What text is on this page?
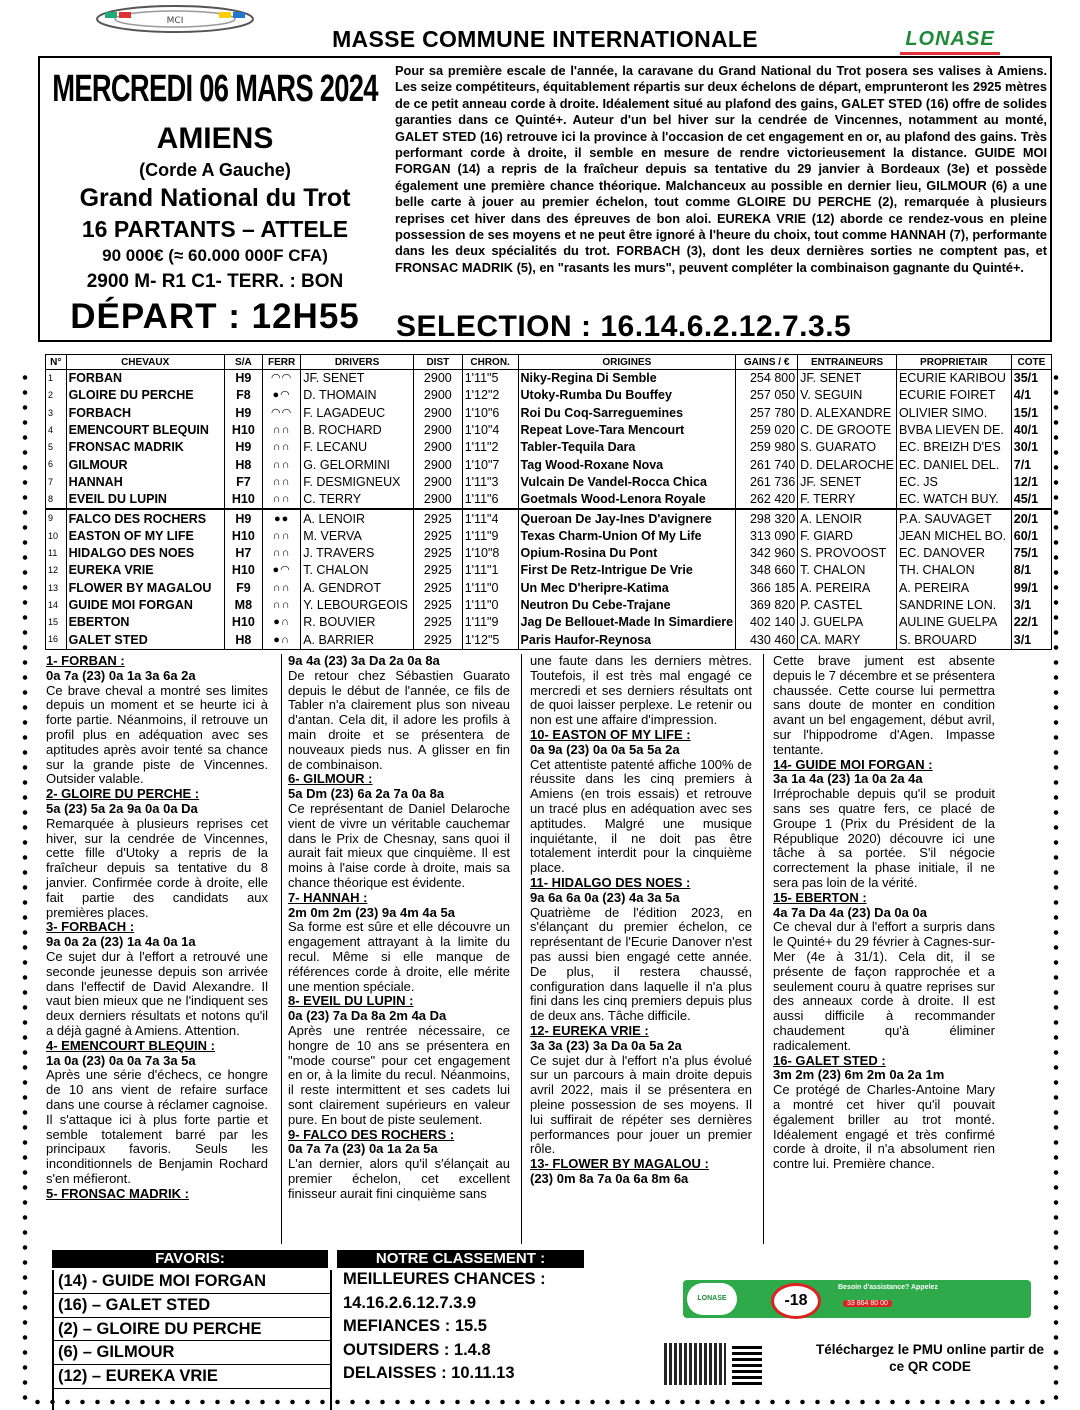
MCI
MASSE COMMUNE INTERNATIONALE	LONASE
MERCREDI 06 MARS 2024
AMIENS
(Corde A Gauche)
Grand National du Trot
16 PARTANTS – ATTELE
90 000€ (≈ 60.000 000F CFA)
2900 M- R1 C1- TERR. : BON
DÉPART : 12H55
Pour sa première escale de l'année, la caravane du Grand National du Trot posera ses valises à Amiens. Les seize compétiteurs, équitablement répartis sur deux échelons de départ, emprunteront les 2925 mètres de ce petit anneau corde à droite. Idéalement situé au plafond des gains, GALET STED (16) offre de solides garanties dans ce Quinté+. Auteur d'un bel hiver sur la cendrée de Vincennes, notamment au monté, GALET STED (16) retrouve ici la province à l'occasion de cet engagement en or, au plafond des gains. Très performant corde à droite, il semble en mesure de rendre victorieusement la distance. GUIDE MOI FORGAN (14) a repris de la fraîcheur depuis sa tentative du 29 janvier à Bordeaux (3e) et possède également une première chance théorique. Malchanceux au possible en dernier lieu, GILMOUR (6) a une belle carte à jouer au premier échelon, tout comme GLOIRE DU PERCHE (2), remarquée à plusieurs reprises cet hiver dans des épreuves de bon aloi. EUREKA VRIE (12) aborde ce rendez-vous en pleine possession de ses moyens et ne peut être ignoré à l'heure du choix, tout comme HANNAH (7), performante dans les deux spécialités du trot. FORBACH (3), dont les deux dernières sorties ne comptent pas, et FRONSAC MADRIK (5), en "rasants les murs", peuvent compléter la combinaison gagnante du Quinté+.
SELECTION : 16.14.6.2.12.7.3.5
N°	CHEVAUX	S/A	FERR	DRIVERS	DIST	CHRON.	ORIGINES	GAINS / €	ENTRAINEURS	PROPRIETAIR	COTE
1	FORBAN	H9	◠◠	JF. SENET	2900	1'11"5	Niky-Regina Di Semble	254 800	JF. SENET	ECURIE KARIBOU	35/1
2	GLOIRE DU PERCHE	F8	●◠	D. THOMAIN	2900	1'12"2	Utoky-Rumba Du Bouffey	257 050	V. SEGUIN	ECURIE FOIRET	4/1
3	FORBACH	H9	◠◠	F. LAGADEUC	2900	1'10"6	Roi Du Coq-Sarreguemines	257 780	D. ALEXANDRE	OLIVIER SIMO.	15/1
4	EMENCOURT BLEQUIN	H10	∩∩	B. ROCHARD	2900	1'10"4	Repeat Love-Tara Mencourt	259 020	C. DE GROOTE	BVBA LIEVEN DE.	40/1
5	FRONSAC MADRIK	H9	∩∩	F. LECANU	2900	1'11"2	Tabler-Tequila Dara	259 980	S. GUARATO	EC. BREIZH D'ES	30/1
6	GILMOUR	H8	∩∩	G. GELORMINI	2900	1'10"7	Tag Wood-Roxane Nova	261 740	D. DELAROCHE	EC. DANIEL DEL.	7/1
7	HANNAH	F7	∩∩	F. DESMIGNEUX	2900	1'11"3	Vulcain De Vandel-Rocca Chica	261 736	JF. SENET	EC. JS	12/1
8	EVEIL DU LUPIN	H10	∩∩	C. TERRY	2900	1'11"6	Goetmals Wood-Lenora Royale	262 420	F. TERRY	EC. WATCH BUY.	45/1
9	FALCO DES ROCHERS	H9	●●	A. LENOIR	2925	1'11"4	Queroan De Jay-Ines D'avignere	298 320	A. LENOIR	P.A. SAUVAGET	20/1
10	EASTON OF MY LIFE	H10	∩∩	M. VERVA	2925	1'11"9	Texas Charm-Union Of My Life	313 090	F. GIARD	JEAN MICHEL BO.	60/1
11	HIDALGO DES NOES	H7	∩∩	J. TRAVERS	2925	1'10"8	Opium-Rosina Du Pont	342 960	S. PROVOOST	EC. DANOVER	75/1
12	EUREKA VRIE	H10	●◠	T. CHALON	2925	1'11"1	First De Retz-Intrigue De Vrie	348 660	T. CHALON	TH. CHALON	8/1
13	FLOWER BY MAGALOU	F9	∩∩	A. GENDROT	2925	1'11"0	Un Mec D'heripre-Katima	366 185	A. PEREIRA	A. PEREIRA	99/1
14	GUIDE MOI FORGAN	M8	∩∩	Y. LEBOURGEOIS	2925	1'11"0	Neutron Du Cebe-Trajane	369 820	P. CASTEL	SANDRINE LON.	3/1
15	EBERTON	H10	●∩	R. BOUVIER	2925	1'11"9	Jag De Bellouet-Made In Simardiere	402 140	J. GUELPA	AULINE GUELPA	22/1
16	GALET STED	H8	●∩	A. BARRIER	2925	1'12"5	Paris Haufor-Reynosa	430 460	CA. MARY	S. BROUARD	3/1

1- FORBAN :

0a 7a (23) 0a 1a 3a 6a 2a

Ce brave cheval a montré ses limites depuis un moment et se heurte ici à forte partie. Néanmoins, il retrouve un profil plus en adéquation avec ses aptitudes après avoir tenté sa chance sur la grande piste de Vincennes. Outsider valable.

2- GLOIRE DU PERCHE :

5a (23) 5a 2a 9a 0a 0a Da

Remarquée à plusieurs reprises cet hiver, sur la cendrée de Vincennes, cette fille d'Utoky a repris de la fraîcheur depuis sa tentative du 8 janvier. Confirmée corde à droite, elle fait partie des candidats aux premières places.

3- FORBACH :

9a 0a 2a (23) 1a 4a 0a 1a

Ce sujet dur à l'effort a retrouvé une seconde jeunesse depuis son arrivée dans l'effectif de David Alexandre. Il vaut bien mieux que ne l'indiquent ses deux derniers résultats et notons qu'il a déjà gagné à Amiens. Attention.

4- EMENCOURT BLEQUIN :

1a 0a (23) 0a 0a 7a 3a 5a

Après une série d'échecs, ce hongre de 10 ans vient de refaire surface dans une course à réclamer cagnoise. Il s'attaque ici à plus forte partie et semble totalement barré par les principaux favoris. Seuls les inconditionnels de Benjamin Rochard s'en méfieront.

5- FRONSAC MADRIK :

9a 4a (23) 3a Da 2a 0a 8a

De retour chez Sébastien Guarato depuis le début de l'année, ce fils de Tabler n'a clairement plus son niveau d'antan. Cela dit, il adore les profils à main droite et se présentera de nouveaux pieds nus. A glisser en fin de combinaison.

6- GILMOUR :

5a Dm (23) 6a 2a 7a 0a 8a

Ce représentant de Daniel Delaroche vient de vivre un véritable cauchemar dans le Prix de Chesnay, sans quoi il aurait fait mieux que cinquième. Il est moins à l'aise corde à droite, mais sa chance théorique est évidente.

7- HANNAH :

2m 0m 2m (23) 9a 4m 4a 5a

Sa forme est sûre et elle découvre un engagement attrayant à la limite du recul. Même si elle manque de références corde à droite, elle mérite une mention spéciale.

8- EVEIL DU LUPIN :

0a (23) 7a Da 8a 2m 4a Da

Après une rentrée nécessaire, ce hongre de 10 ans se présentera en "mode course" pour cet engagement en or, à la limite du recul. Néanmoins, il reste intermittent et ses cadets lui sont clairement supérieurs en valeur pure. En bout de piste seulement.

9- FALCO DES ROCHERS :

0a 7a 7a (23) 0a 1a 2a 5a

L'an dernier, alors qu'il s'élançait au premier échelon, cet excellent finisseur aurait fini cinquième sans

une faute dans les derniers mètres. Toutefois, il est très mal engagé ce mercredi et ses derniers résultats ont de quoi laisser perplexe. Le retenir ou non est une affaire d'impression.

10- EASTON OF MY LIFE :

0a 9a (23) 0a 0a 5a 5a 2a

Cet attentiste patenté affiche 100% de réussite dans les cinq premiers à Amiens (en trois essais) et retrouve un tracé plus en adéquation avec ses aptitudes. Malgré une musique inquiétante, il ne doit pas être totalement interdit pour la cinquième place.

11- HIDALGO DES NOES :

9a 6a 6a 0a (23) 4a 3a 5a

Quatrième de l'édition 2023, en s'élançant du premier échelon, ce représentant de l'Ecurie Danover n'est pas aussi bien engagé cette année. De plus, il restera chaussé, configuration dans laquelle il n'a plus fini dans les cinq premiers depuis plus de deux ans. Tâche difficile.

12- EUREKA VRIE :

3a 3a (23) 3a Da 0a 5a 2a

Ce sujet dur à l'effort n'a plus évolué sur un parcours à main droite depuis avril 2022, mais il se présentera en pleine possession de ses moyens. Il lui suffirait de répéter ses dernières performances pour jouer un premier rôle.

13- FLOWER BY MAGALOU :

(23) 0m 8a 7a 0a 6a 8m 6a

Cette brave jument est absente depuis le 7 décembre et se présentera chaussée. Cette course lui permettra sans doute de monter en condition avant un bel engagement, début avril, sur l'hippodrome d'Agen. Impasse tentante.

14- GUIDE MOI FORGAN :

3a 1a 4a (23) 1a 0a 2a 4a

Irréprochable depuis qu'il se produit sans ses quatre fers, ce placé de Groupe 1 (Prix du Président de la République 2020) découvre ici une tâche à sa portée. S'il négocie correctement la phase initiale, il ne sera pas loin de la vérité.

15- EBERTON :

4a 7a Da 4a (23) Da 0a 0a

Ce cheval dur à l'effort a surpris dans le Quinté+ du 29 février à Cagnes-sur-Mer (4e à 31/1). Cela dit, il se présente de façon rapprochée et a seulement couru à quatre reprises sur des anneaux corde à droite. Il est aussi difficile à recommander chaudement qu'à éliminer radicalement.

16- GALET STED :

3m 2m (23) 6m 2m 0a 2a 1m

Ce protégé de Charles-Antoine Mary a montré cet hiver qu'il pouvait également briller au trot monté. Idéalement engagé et très confirmé corde à droite, il n'a absolument rien contre lui. Première chance.

FAVORIS:
(14) - GUIDE MOI FORGAN
(16) – GALET STED
(2) – GLOIRE DU PERCHE
(6) – GILMOUR
(12) – EUREKA VRIE
NOTRE CLASSEMENT :
MEILLEURES CHANCES :
14.16.2.6.12.7.3.9
MEFIANCES : 15.5
OUTSIDERS : 1.4.8
DELAISSES : 10.11.13
LONASE	-18
Besoin d'assistance? Appelez
33 864 80 00
Téléchargez le PMU online partir de ce QR CODE
